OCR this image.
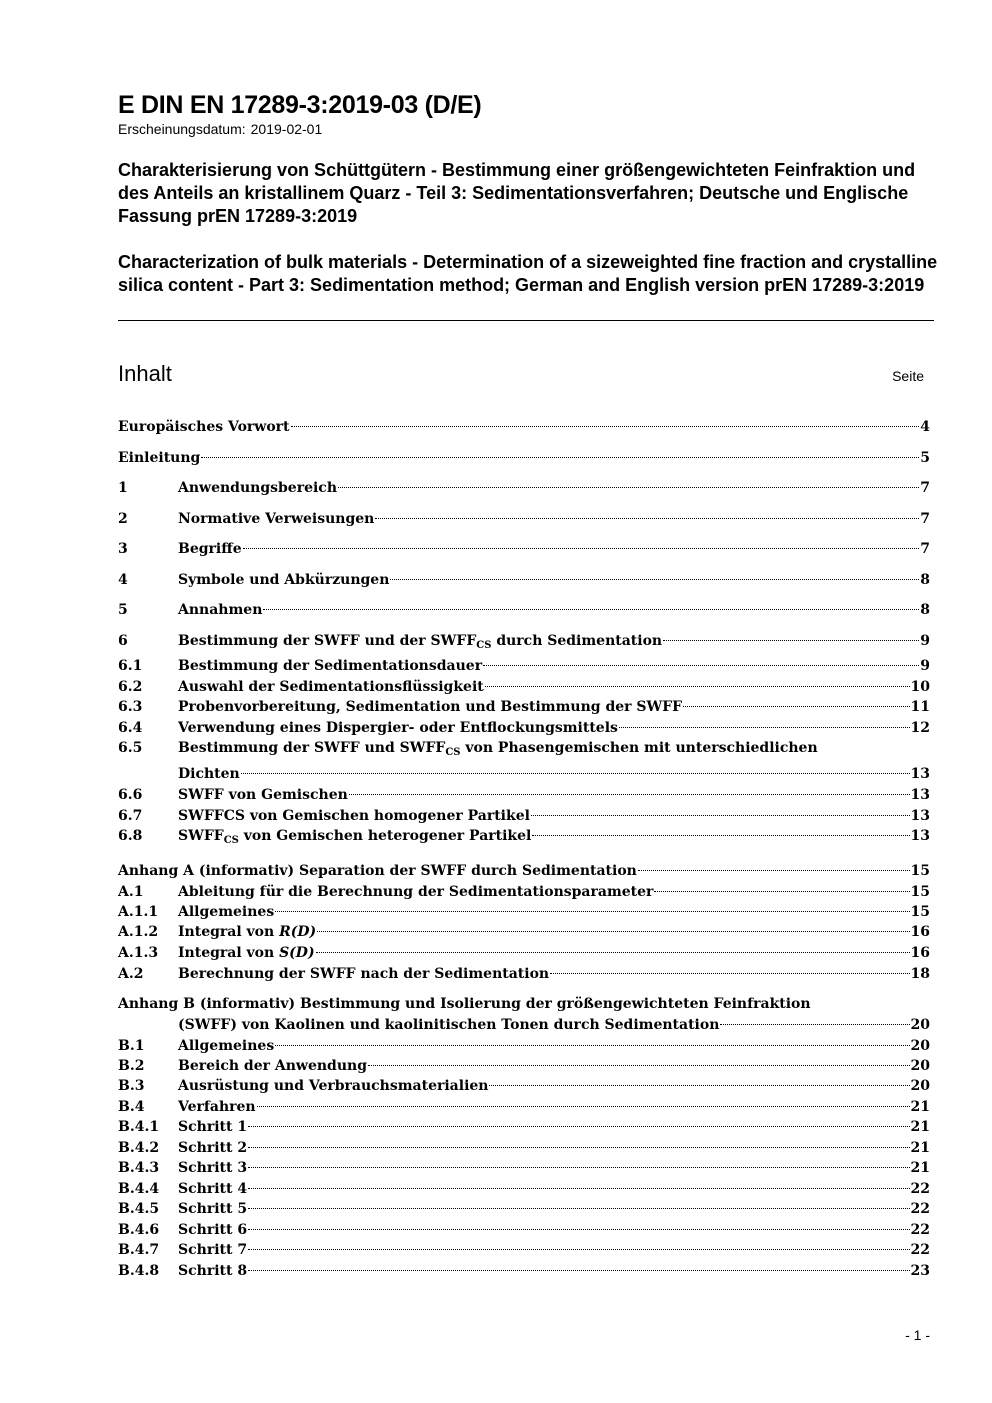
E DIN EN 17289-3:2019-03 (D/E)
Erscheinungsdatum: 2019-02-01
Charakterisierung von Schüttgütern - Bestimmung einer größengewichteten Feinfraktion und des Anteils an kristallinem Quarz - Teil 3: Sedimentationsverfahren; Deutsche und Englische Fassung prEN 17289-3:2019
Characterization of bulk materials - Determination of a sizeweighted fine fraction and crystalline silica content - Part 3: Sedimentation method; German and English version prEN 17289-3:2019
Inhalt	Seite
Europäisches Vorwort	4
Einleitung	5
1	Anwendungsbereich	7
2	Normative Verweisungen	7
3	Begriffe	7
4	Symbole und Abkürzungen	8
5	Annahmen	8
6	Bestimmung der SWFF und der $SWFF_{CS}$ durch Sedimentation	9
6.1	Bestimmung der Sedimentationsdauer	9
6.2	Auswahl der Sedimentationsflüssigkeit	10
6.3	Probenvorbereitung, Sedimentation und Bestimmung der SWFF	11
6.4	Verwendung eines Dispergier- oder Entflockungsmittels	12
6.5	Bestimmung der SWFF und $SWFF_{CS}$ von Phasengemischen mit unterschiedlichen
Dichten	13
6.6	SWFF von Gemischen	13
6.7	SWFFCS von Gemischen homogener Partikel	13
6.8	$SWFF_{CS}$ von Gemischen heterogener Partikel	13
Anhang A (informativ) Separation der SWFF durch Sedimentation	15
A.1	Ableitung für die Berechnung der Sedimentationsparameter	15
A.1.1	Allgemeines	15
A.1.2	Integral von R(D)	16
A.1.3	Integral von S(D)	16
A.2	Berechnung der SWFF nach der Sedimentation	18
Anhang B (informativ) Bestimmung und Isolierung der größengewichteten Feinfraktion
(SWFF) von Kaolinen und kaolinitischen Tonen durch Sedimentation	20
B.1	Allgemeines	20
B.2	Bereich der Anwendung	20
B.3	Ausrüstung und Verbrauchsmaterialien	20
B.4	Verfahren	21
B.4.1	Schritt 1	21
B.4.2	Schritt 2	21
B.4.3	Schritt 3	21
B.4.4	Schritt 4	22
B.4.5	Schritt 5	22
B.4.6	Schritt 6	22
B.4.7	Schritt 7	22
B.4.8	Schritt 8	23
- 1 -
